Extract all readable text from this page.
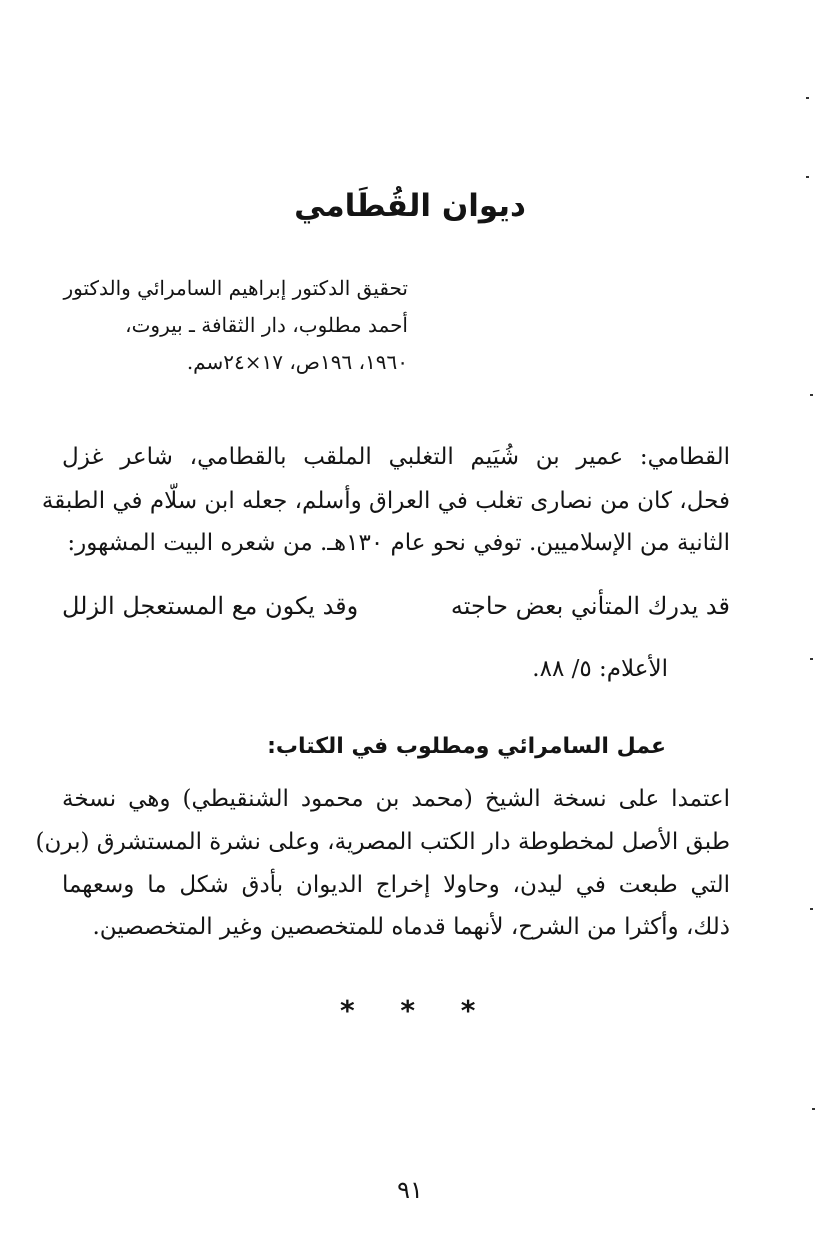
ديوان القُطَامي
تحقيق الدكتور إبراهيم السامرائي والدكتور
أحمد مطلوب، دار الثقافة ـ بيروت،
١٩٦٠، ١٩٦ص، ١٧×٢٤سم.
القطامي: عمير بن شُيَيم التغلبي الملقب بالقطامي، شاعر غزل
فحل، كان من نصارى تغلب في العراق وأسلم، جعله ابن سلّام في الطبقة
الثانية من الإسلاميين. توفي نحو عام ١٣٠هـ. من شعره البيت المشهور:
قد يدرك المتأني بعض حاجته
وقد يكون مع المستعجل الزلل
الأعلام: ٥/ ٨٨.
عمل السامرائي ومطلوب في الكتاب:
اعتمدا على نسخة الشيخ (محمد بن محمود الشنقيطي) وهي نسخة
طبق الأصل لمخطوطة دار الكتب المصرية، وعلى نشرة المستشرق (برن)
التي طبعت في ليدن، وحاولا إخراج الديوان بأدق شكل ما وسعهما
ذلك، وأكثرا من الشرح، لأنهما قدماه للمتخصصين وغير المتخصصين.
* * *
٩١
